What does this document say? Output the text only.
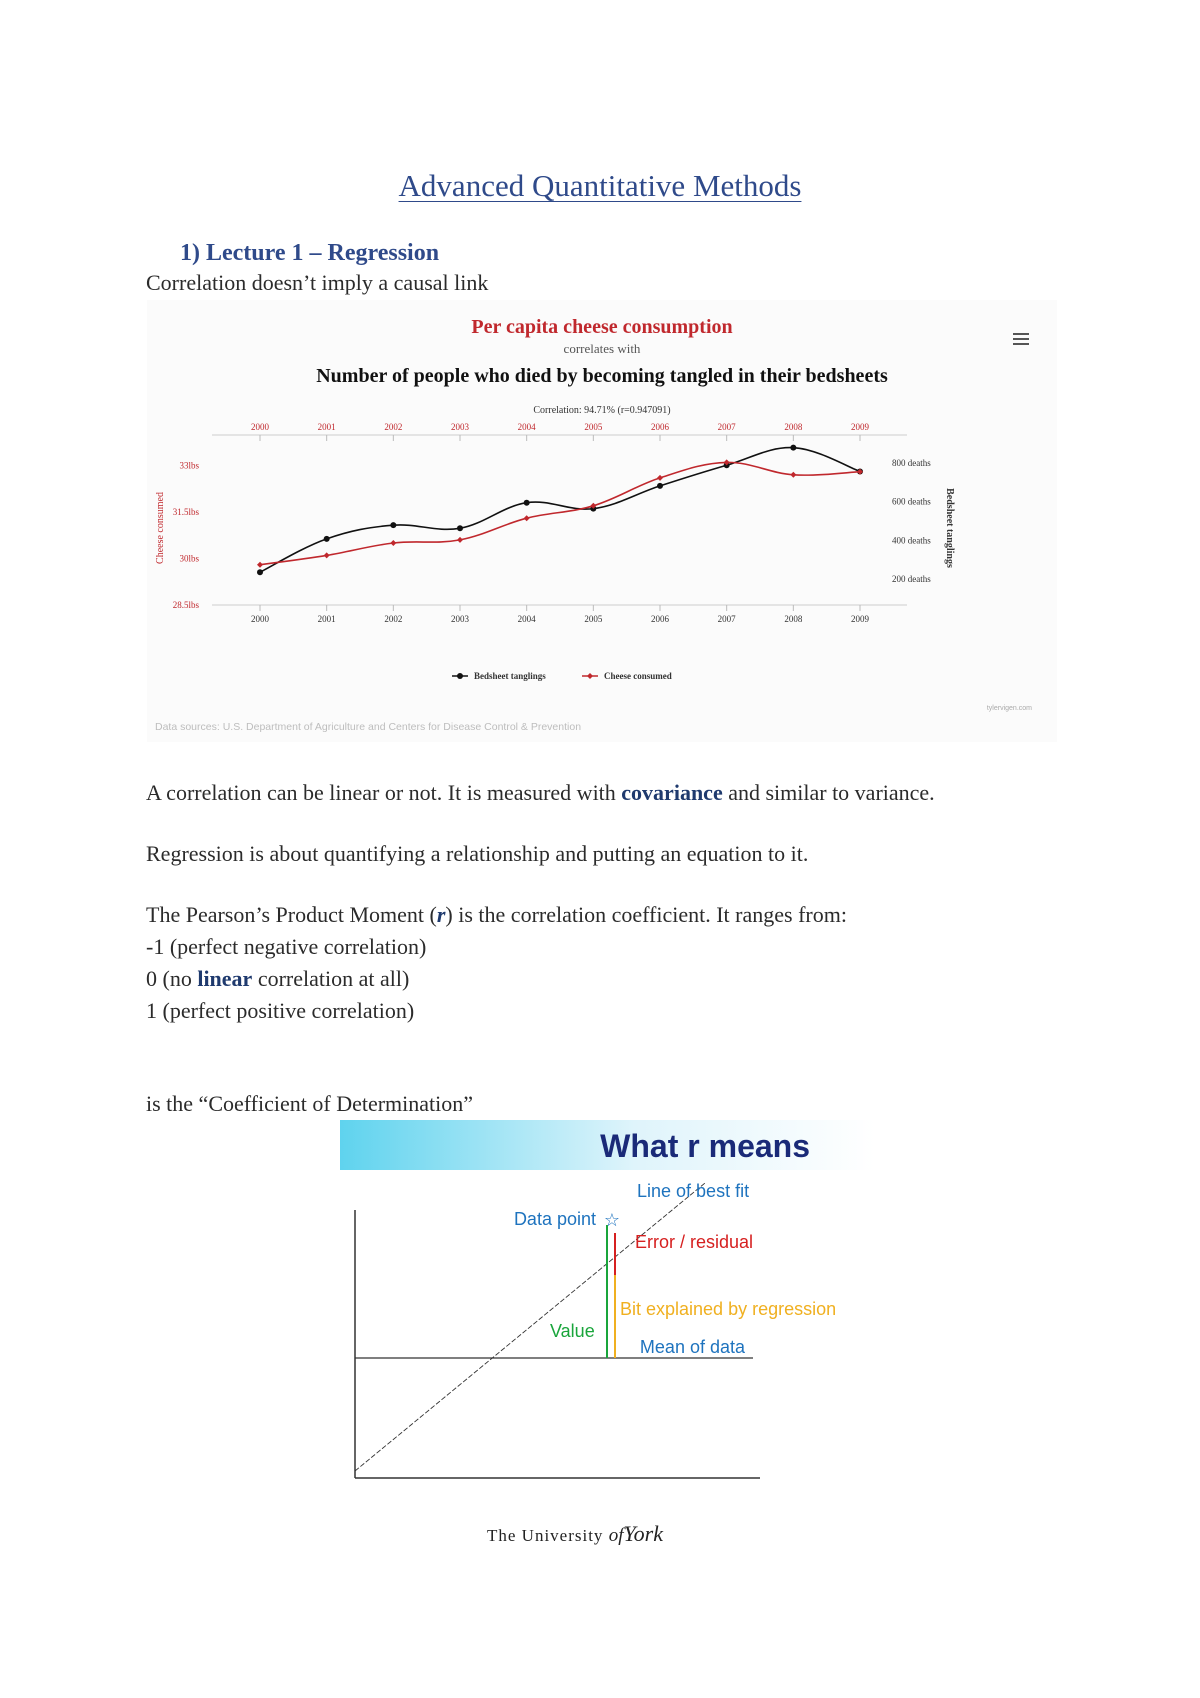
Advanced Quantitative Methods
1) Lecture 1 – Regression
Correlation doesn’t imply a causal link
Per capita cheese consumption
correlates with
Number of people who died by becoming tangled in their bedsheets
Correlation: 94.71% (r=0.947091)
2000
2000
2001
2001
2002
2002
2003
2003
2004
2004
2005
2005
2006
2006
2007
2007
2008
2008
2009
2009
33lbs
31.5lbs
30lbs
28.5lbs
800 deaths
600 deaths
400 deaths
200 deaths
Cheese consumed	Bedsheet tanglings
Bedsheet tanglings	Cheese consumed
Data sources: U.S. Department of Agriculture and Centers for Disease Control & Prevention
tylervigen.com
A correlation can be linear or not. It is measured with covariance and similar to variance.
Regression is about quantifying a relationship and putting an equation to it.
The Pearson’s Product Moment (r) is the correlation coefficient. It ranges from:
-1 (perfect negative correlation)
0 (no linear correlation at all)
1 (perfect positive correlation)
is the “Coefficient of Determination”
What r means
☆
Line of best fit
Data point
Error / residual
Bit explained by regression
Value
Mean of data
The University ofYork
